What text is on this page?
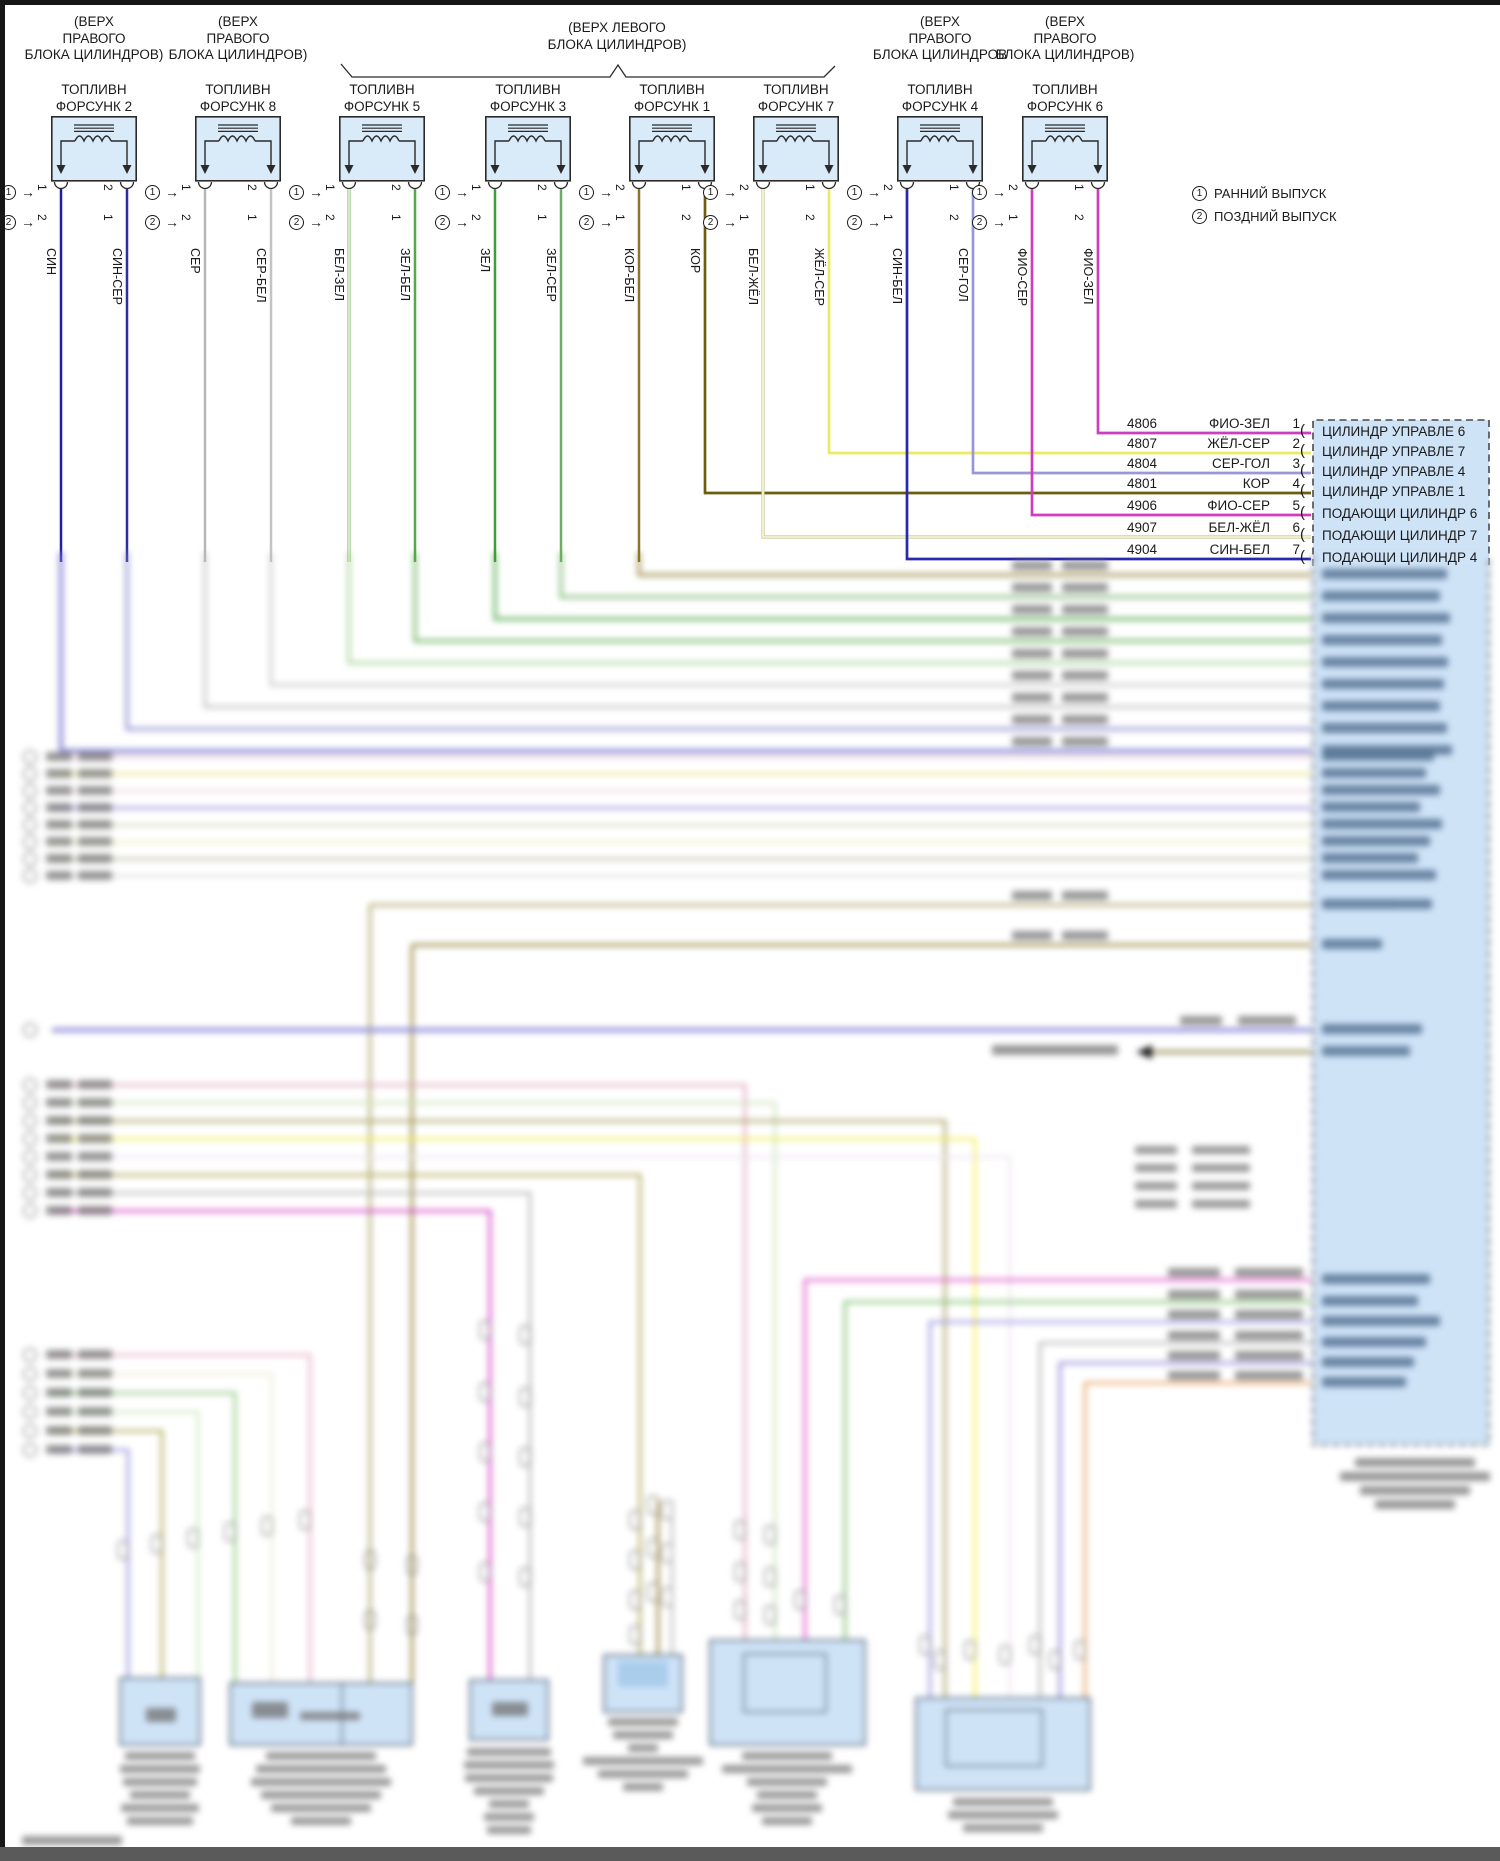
(ВЕРХ
ПРАВОГО
БЛОКА ЦИЛИНДРОВ)
(ВЕРХ
ПРАВОГО
БЛОКА ЦИЛИНДРОВ)
(ВЕРХ ЛЕВОГО
БЛОКА ЦИЛИНДРОВ)
(ВЕРХ
ПРАВОГО
БЛОКА ЦИЛИНДРОВ
(ВЕРХ
ПРАВОГО
БЛОКА ЦИЛИНДРОВ)
ТОПЛИВН
ФОРСУНК 2
1 →
2 →
1	2
2	1
ТОПЛИВН
ФОРСУНК 8
1 →
2 →
1	2
2	1
ТОПЛИВН
ФОРСУНК 5
1 →
2 →
1	2
2	1
ТОПЛИВН
ФОРСУНК 3
1 →
2 →
1	2
2	1
ТОПЛИВН
ФОРСУНК 1
1 →
2 →
2	1
1	2
ТОПЛИВН
ФОРСУНК 7
1 →
2 →
2	1
1	2
ТОПЛИВН
ФОРСУНК 4
1 →
2 →
2	1
1	2
ТОПЛИВН
ФОРСУНК 6
1 →
2 →
2	1
1	2
1 РАННИЙ ВЫПУСК
2 ПОЗДНИЙ ВЫПУСК
СИН	СИН-СЕР	СЕР	СЕР-БЕЛ	БЕЛ-ЗЕЛ	ЗЕЛ-БЕЛ	ЗЕЛ	ЗЕЛ-СЕР	КОР-БЕЛ	КОР	БЕЛ-ЖЁЛ	ЖЁЛ-СЕР	СИН-БЕЛ	СЕР-ГОЛ	ФИО-СЕР	ФИО-ЗЕЛ
4806	ФИО-ЗЕЛ	1 ( ЦИЛИНДР УПРАВЛЕ 6
4807	ЖЁЛ-СЕР	2 ( ЦИЛИНДР УПРАВЛЕ 7
4804	СЕР-ГОЛ	3 ( ЦИЛИНДР УПРАВЛЕ 4
4801	КОР	4 ( ЦИЛИНДР УПРАВЛЕ 1
4906	ФИО-СЕР	5 ( ПОДАЮЩИ ЦИЛИНДР 6
4907	БЕЛ-ЖЁЛ	6 ( ПОДАЮЩИ ЦИЛИНДР 7
4904	СИН-БЕЛ	7 ( ПОДАЮЩИ ЦИЛИНДР 4
